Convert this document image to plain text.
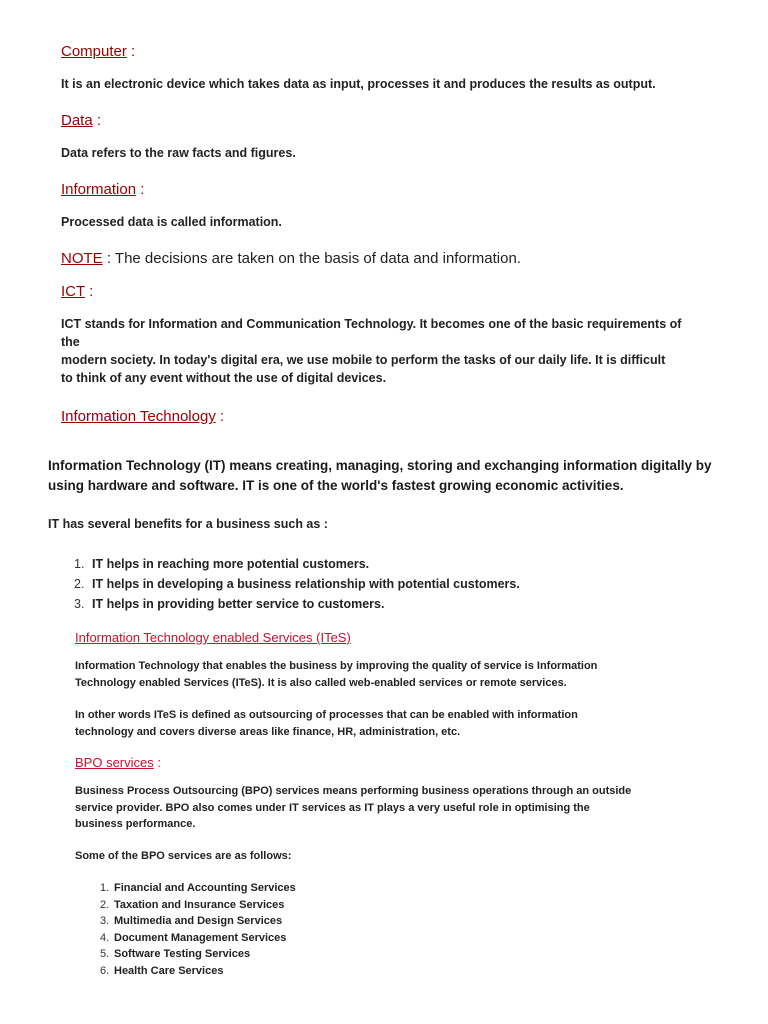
Computer :

It is an electronic device which takes data as input, processes it and produces the results as output.

Data :

Data refers to the raw facts and figures.

Information :

Processed data is called information.

NOTE : The decisions are taken on the basis of data and information.
ICT :
ICT stands for Information and Communication Technology. It becomes one of the basic requirements of
the
modern society. In today's digital era, we use mobile to perform the tasks of our daily life. It is difficult
to think of any event without the use of digital devices.
Information Technology :
Information Technology (IT) means creating, managing, storing and exchanging information digitally by
using hardware and software. IT is one of the world's fastest growing economic activities.

IT has several benefits for a business such as :

1. IT helps in reaching more potential customers.
2. IT helps in developing a business relationship with potential customers.
3. IT helps in providing better service to customers.
Information Technology enabled Services (ITeS)
Information Technology that enables the business by improving the quality of service is Information
Technology enabled Services (ITeS). It is also called web-enabled services or remote services.
In other words ITeS is defined as outsourcing of processes that can be enabled with information
technology and covers diverse areas like finance, HR, administration, etc.
BPO services :
Business Process Outsourcing (BPO) services means performing business operations through an outside
service provider. BPO also comes under IT services as IT plays a very useful role in optimising the
business performance.

Some of the BPO services are as follows:

1. Financial and Accounting Services
2. Taxation and Insurance Services
3. Multimedia and Design Services
4. Document Management Services
5. Software Testing Services
6. Health Care Services
